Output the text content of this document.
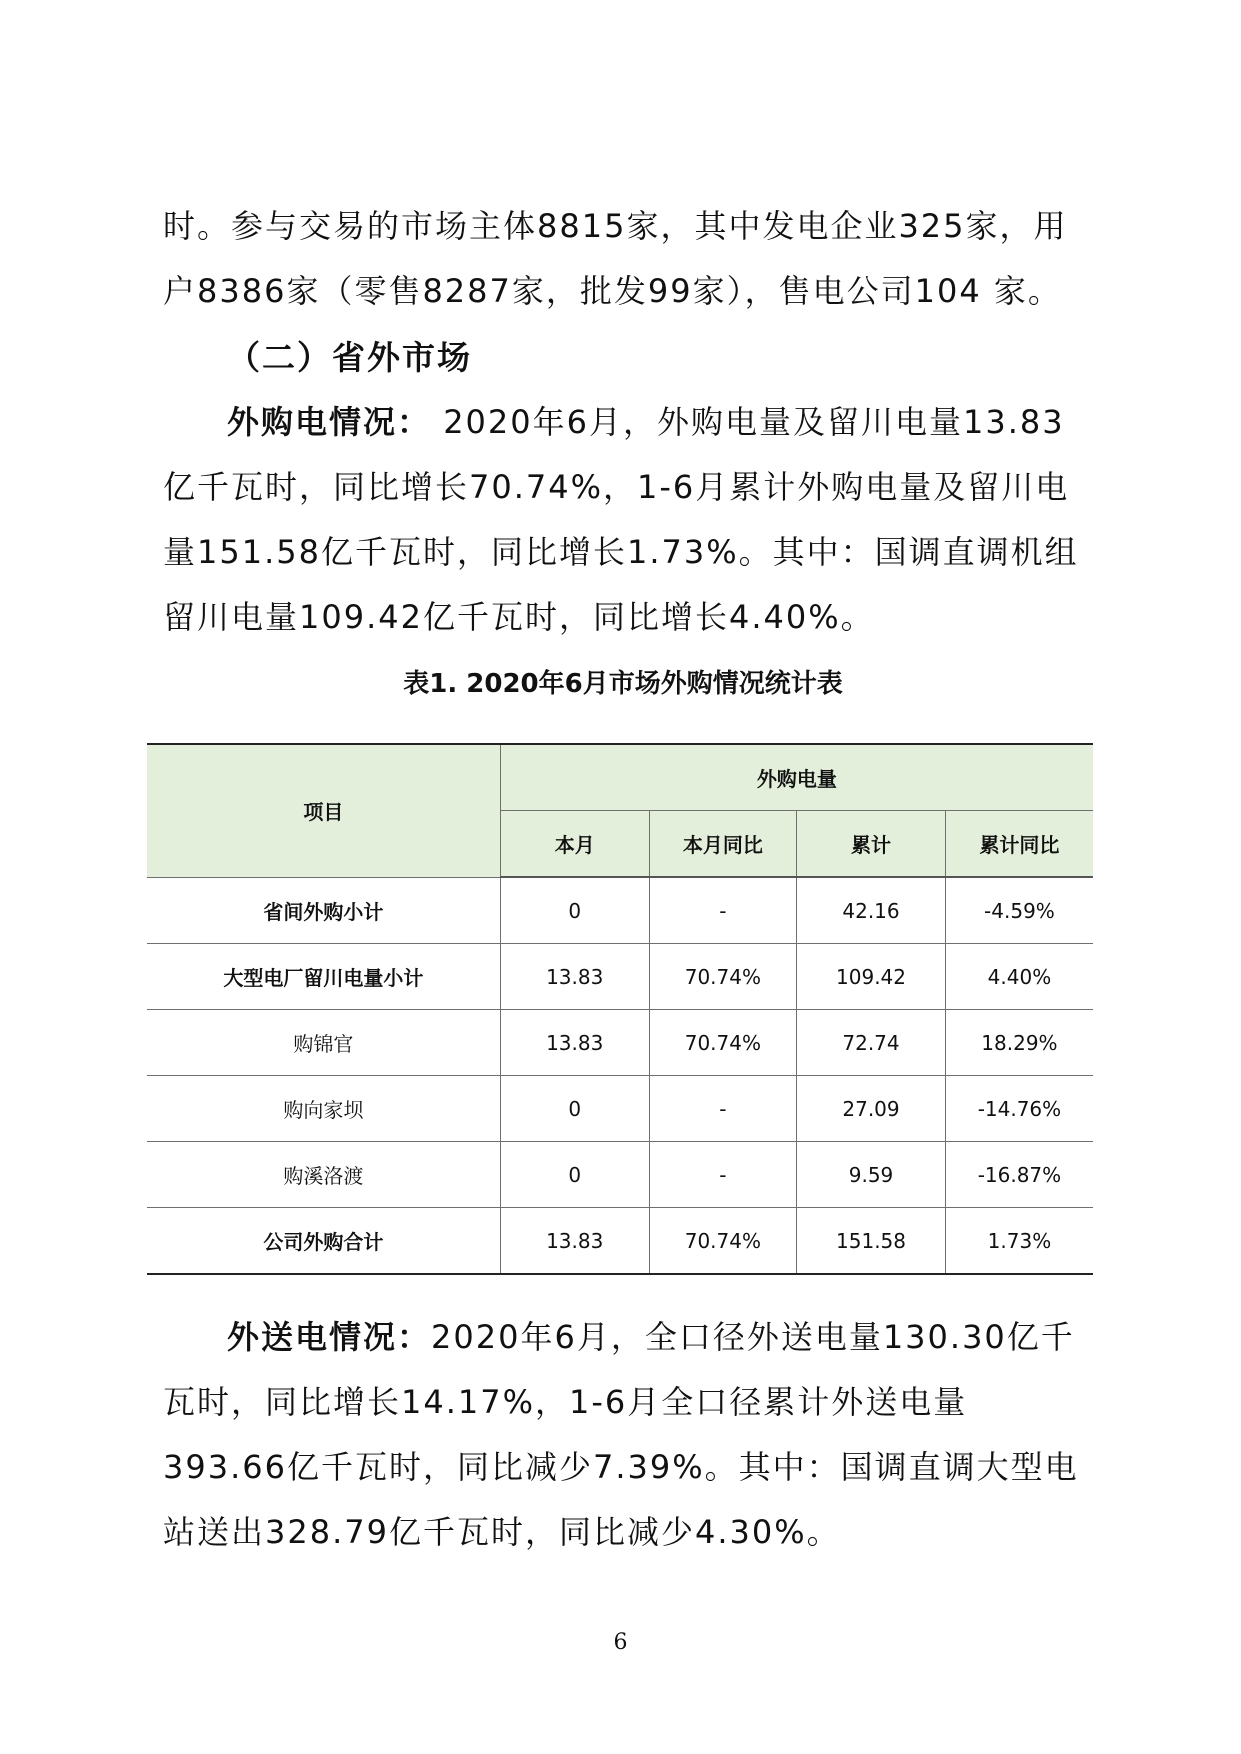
时。参与交易的市场主体8815家，其中发电企业325家，用户8386家（零售8287家，批发99家），售电公司104 家。

（二）省外市场

外购电情况： 2020年6月，外购电量及留川电量13.83亿千瓦时，同比增长70.74%，1-6月累计外购电量及留川电量151.58亿千瓦时，同比增长1.73%。其中：国调直调机组留川电量109.42亿千瓦时，同比增长4.40%。

表1. 2020年6月市场外购情况统计表

项目	外购电量			
	本月	本月同比	累计	累计同比
省间外购小计	0	-	42.16	-4.59%
大型电厂留川电量小计	13.83	70.74%	109.42	4.40%
购锦官	13.83	70.74%	72.74	18.29%
购向家坝	0	-	27.09	-14.76%
购溪洛渡	0	-	9.59	-16.87%
公司外购合计	13.83	70.74%	151.58	1.73%

外送电情况：2020年6月，全口径外送电量130.30亿千瓦时，同比增长14.17%，1-6月全口径累计外送电量393.66亿千瓦时，同比减少7.39%。其中：国调直调大型电站送出328.79亿千瓦时，同比减少4.30%。

6
